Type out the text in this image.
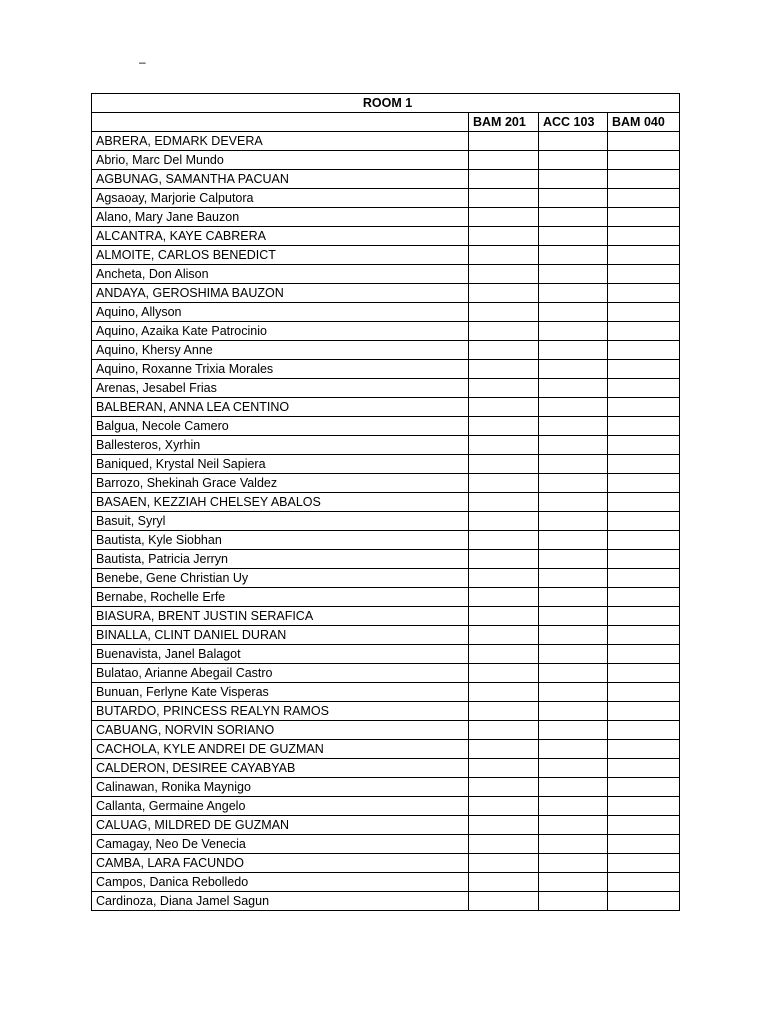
–
ROOM 1			
	BAM 201	ACC 103	BAM 040
ABRERA, EDMARK DEVERA			
Abrio, Marc Del Mundo			
AGBUNAG, SAMANTHA PACUAN			
Agsaoay, Marjorie Calputora			
Alano, Mary Jane Bauzon			
ALCANTRA, KAYE CABRERA			
ALMOITE, CARLOS BENEDICT			
Ancheta, Don Alison			
ANDAYA, GEROSHIMA BAUZON			
Aquino, Allyson			
Aquino, Azaika Kate Patrocinio			
Aquino, Khersy Anne			
Aquino, Roxanne Trixia Morales			
Arenas, Jesabel Frias			
BALBERAN, ANNA LEA CENTINO			
Balgua, Necole Camero			
Ballesteros, Xyrhin			
Baniqued, Krystal Neil Sapiera			
Barrozo, Shekinah Grace Valdez			
BASAEN, KEZZIAH CHELSEY ABALOS			
Basuit, Syryl			
Bautista, Kyle Siobhan			
Bautista, Patricia Jerryn			
Benebe, Gene Christian Uy			
Bernabe, Rochelle Erfe			
BIASURA, BRENT JUSTIN SERAFICA			
BINALLA, CLINT DANIEL DURAN			
Buenavista, Janel Balagot			
Bulatao, Arianne Abegail Castro			
Bunuan, Ferlyne Kate Visperas			
BUTARDO, PRINCESS REALYN RAMOS			
CABUANG, NORVIN SORIANO			
CACHOLA, KYLE ANDREI DE GUZMAN			
CALDERON, DESIREE CAYABYAB			
Calinawan, Ronika Maynigo			
Callanta, Germaine Angelo			
CALUAG, MILDRED DE GUZMAN			
Camagay, Neo De Venecia			
CAMBA, LARA FACUNDO			
Campos, Danica Rebolledo			
Cardinoza, Diana Jamel Sagun			
